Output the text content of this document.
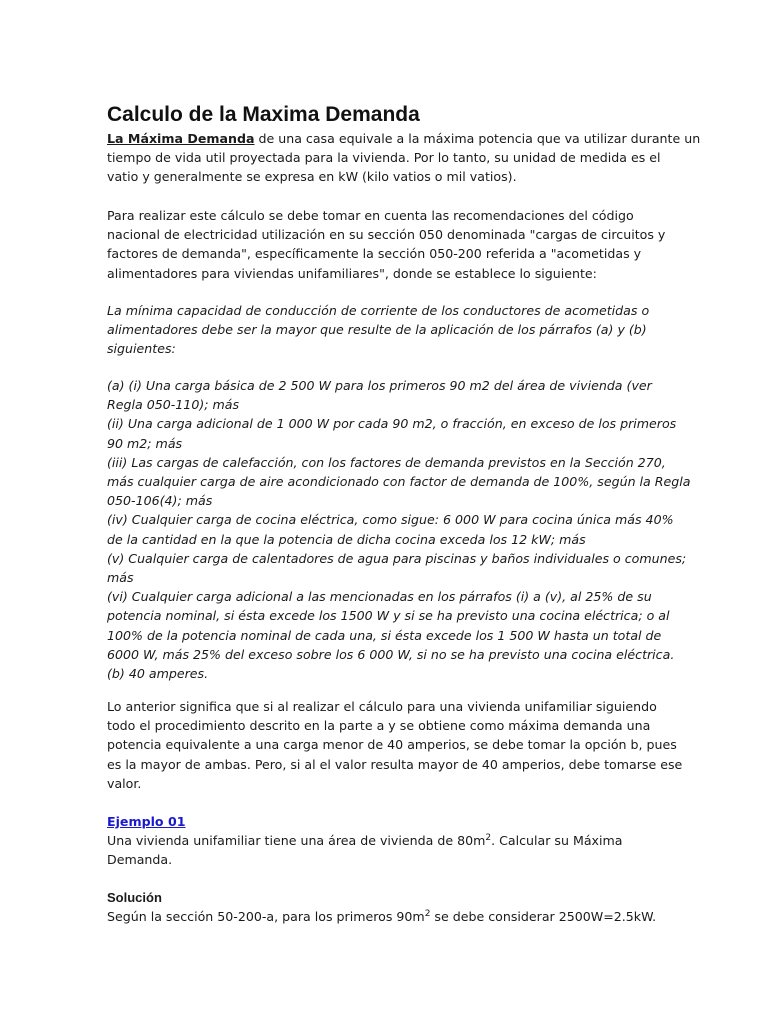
Calculo de la Maxima Demanda

La Máxima Demanda de una casa equivale a la máxima potencia que va utilizar durante un
tiempo de vida util proyectada para la vivienda. Por lo tanto, su unidad de medida es el
vatio y generalmente se expresa en kW (kilo vatios o mil vatios).

Para realizar este cálculo se debe tomar en cuenta las recomendaciones del código
nacional de electricidad utilización en su sección 050 denominada "cargas de circuitos y
factores de demanda", específicamente la sección 050-200 referida a "acometidas y
alimentadores para viviendas unifamiliares", donde se establece lo siguiente:

La mínima capacidad de conducción de corriente de los conductores de acometidas o
alimentadores debe ser la mayor que resulte de la aplicación de los párrafos (a) y (b)
siguientes:

(a) (i) Una carga básica de 2 500 W para los primeros 90 m2 del área de vivienda (ver
Regla 050-110); más
(ii) Una carga adicional de 1 000 W por cada 90 m2, o fracción, en exceso de los primeros
90 m2; más
(iii) Las cargas de calefacción, con los factores de demanda previstos en la Sección 270,
más cualquier carga de aire acondicionado con factor de demanda de 100%, según la Regla
050-106(4); más
(iv) Cualquier carga de cocina eléctrica, como sigue: 6 000 W para cocina única más 40%
de la cantidad en la que la potencia de dicha cocina exceda los 12 kW; más
(v) Cualquier carga de calentadores de agua para piscinas y baños individuales o comunes;
más
(vi) Cualquier carga adicional a las mencionadas en los párrafos (i) a (v), al 25% de su
potencia nominal, si ésta excede los 1500 W y si se ha previsto una cocina eléctrica; o al
100% de la potencia nominal de cada una, si ésta excede los 1 500 W hasta un total de
6000 W, más 25% del exceso sobre los 6 000 W, si no se ha previsto una cocina eléctrica.
(b) 40 amperes.

Lo anterior significa que si al realizar el cálculo para una vivienda unifamiliar siguiendo
todo el procedimiento descrito en la parte a y se obtiene como máxima demanda una
potencia equivalente a una carga menor de 40 amperios, se debe tomar la opción b, pues
es la mayor de ambas. Pero, si al el valor resulta mayor de 40 amperios, debe tomarse ese
valor.

Ejemplo 01

Una vivienda unifamiliar tiene una área de vivienda de $80m^2$. Calcular su Máxima
Demanda.

Solución
Según la sección 50-200-a, para los primeros $90m^2$ se debe considerar 2500W=2.5kW.
